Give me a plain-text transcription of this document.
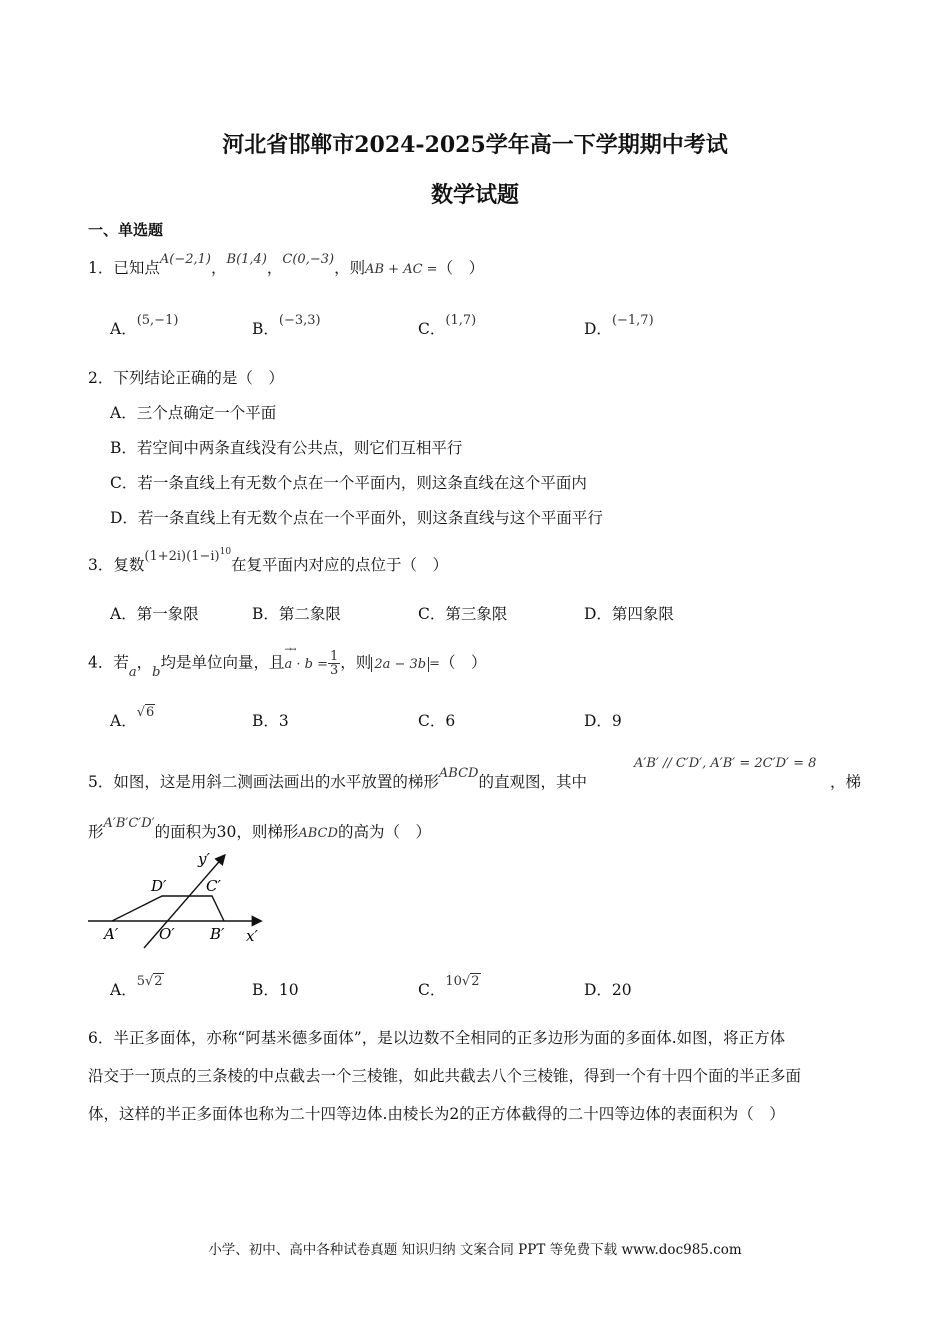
河北省邯郸市2024-2025学年高一下学期期中考试
数学试题
一、单选题
1．已知点$^{A(-2,1)}$，$^{B(1,4)}$，$^{C(0,-3)}$，则AB + AC =（　）
A．$^{(5,-1)}$	B．$^{(-3,3)}$	C．$^{(1,7)}$	D．$^{(-1,7)}$
2．下列结论正确的是（　）
A．三个点确定一个平面
B．若空间中两条直线没有公共点，则它们互相平行
C．若一条直线上有无数个点在一个平面内，则这条直线在这个平面内
D．若一条直线上有无数个点在一个平面外，则这条直线与这个平面平行
3．复数$^{(1+2i)(1-i)10}$在复平面内对应的点位于（　）
A．第一象限	B．第二象限	C．第三象限	D．第四象限
4．若$_a$，$_b$均是单位向量，且→→ $a \cdot b = \frac{1}{3}$ ，则 2a − 3b =（　）
A．√6	B．3	C．6	D．9
5．如图，这是用斜二测画法画出的水平放置的梯形$^{ABCD}$的直观图，其中
A′B′ // C′D′, A′B′ = 2C′D′ = 8
，梯
形$^{A'B'C'D'}$的面积为30，则梯形ABCD的高为（　）
y′
x′
A′	O′ B′
C′
D′
A．$^5$√2	B．10	C．$^{10}$√2	D．20
6．半正多面体，亦称“阿基米德多面体”，是以边数不全相同的正多边形为面的多面体.如图，将正方体
沿交于一顶点的三条棱的中点截去一个三棱锥，如此共截去八个三棱锥，得到一个有十四个面的半正多面
体，这样的半正多面体也称为二十四等边体.由棱长为2的正方体截得的二十四等边体的表面积为（　）
小学、初中、高中各种试卷真题 知识归纳 文案合同 PPT 等免费下载 www.doc985.com
